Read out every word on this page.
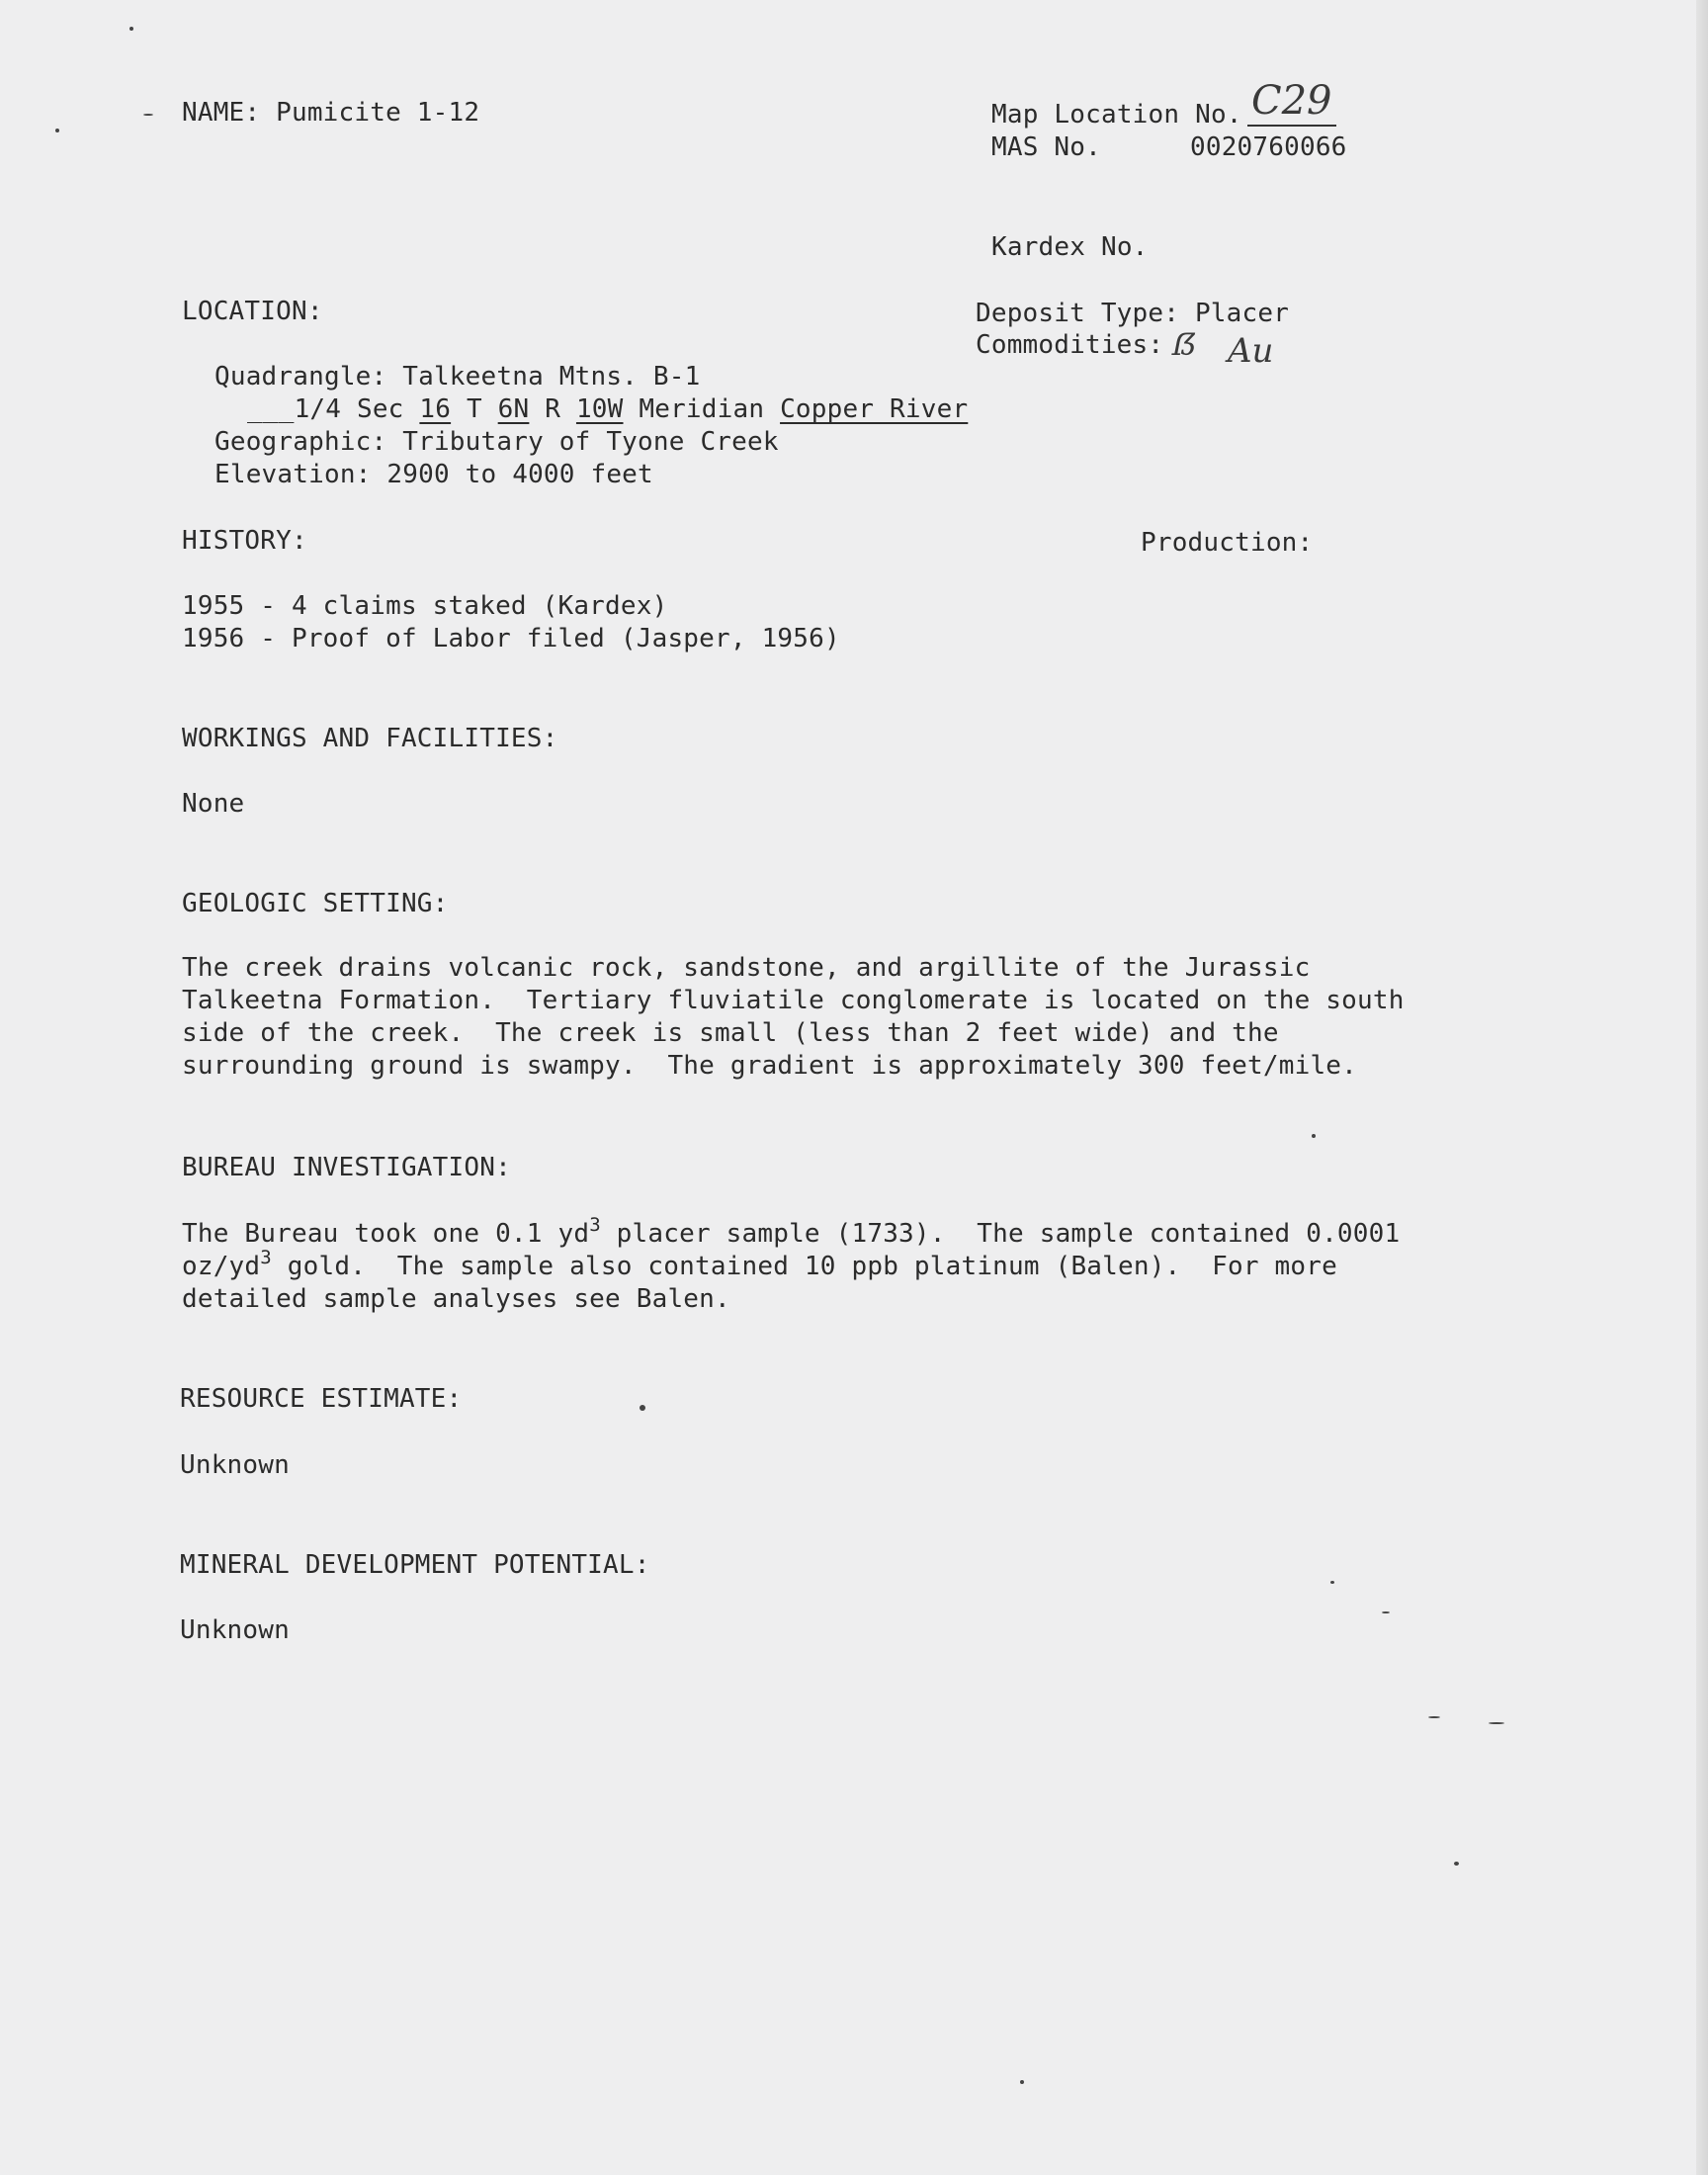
NAME: Pumicite 1-12	Map Location No. C29
MAS No.	0020760066
Kardex No.
LOCATION:	Deposit Type: Placer
Commodities: ẞ Au
Quadrangle: Talkeetna Mtns. B-1
___1/4 Sec 16 T 6N R 10W Meridian Copper River
Geographic: Tributary of Tyone Creek
Elevation: 2900 to 4000 feet
HISTORY:	Production:
1955 - 4 claims staked (Kardex)
1956 - Proof of Labor filed (Jasper, 1956)
WORKINGS AND FACILITIES:
None
GEOLOGIC SETTING:
The creek drains volcanic rock, sandstone, and argillite of the Jurassic
Talkeetna Formation.  Tertiary fluviatile conglomerate is located on the south
side of the creek.  The creek is small (less than 2 feet wide) and the
surrounding ground is swampy.  The gradient is approximately 300 feet/mile.
BUREAU INVESTIGATION:
The Bureau took one 0.1 $yd^3$ placer sample (1733).  The sample contained 0.0001
$oz/yd^3$ gold.  The sample also contained 10 ppb platinum (Balen).  For more
detailed sample analyses see Balen.
RESOURCE ESTIMATE:
Unknown
MINERAL DEVELOPMENT POTENTIAL:
Unknown
